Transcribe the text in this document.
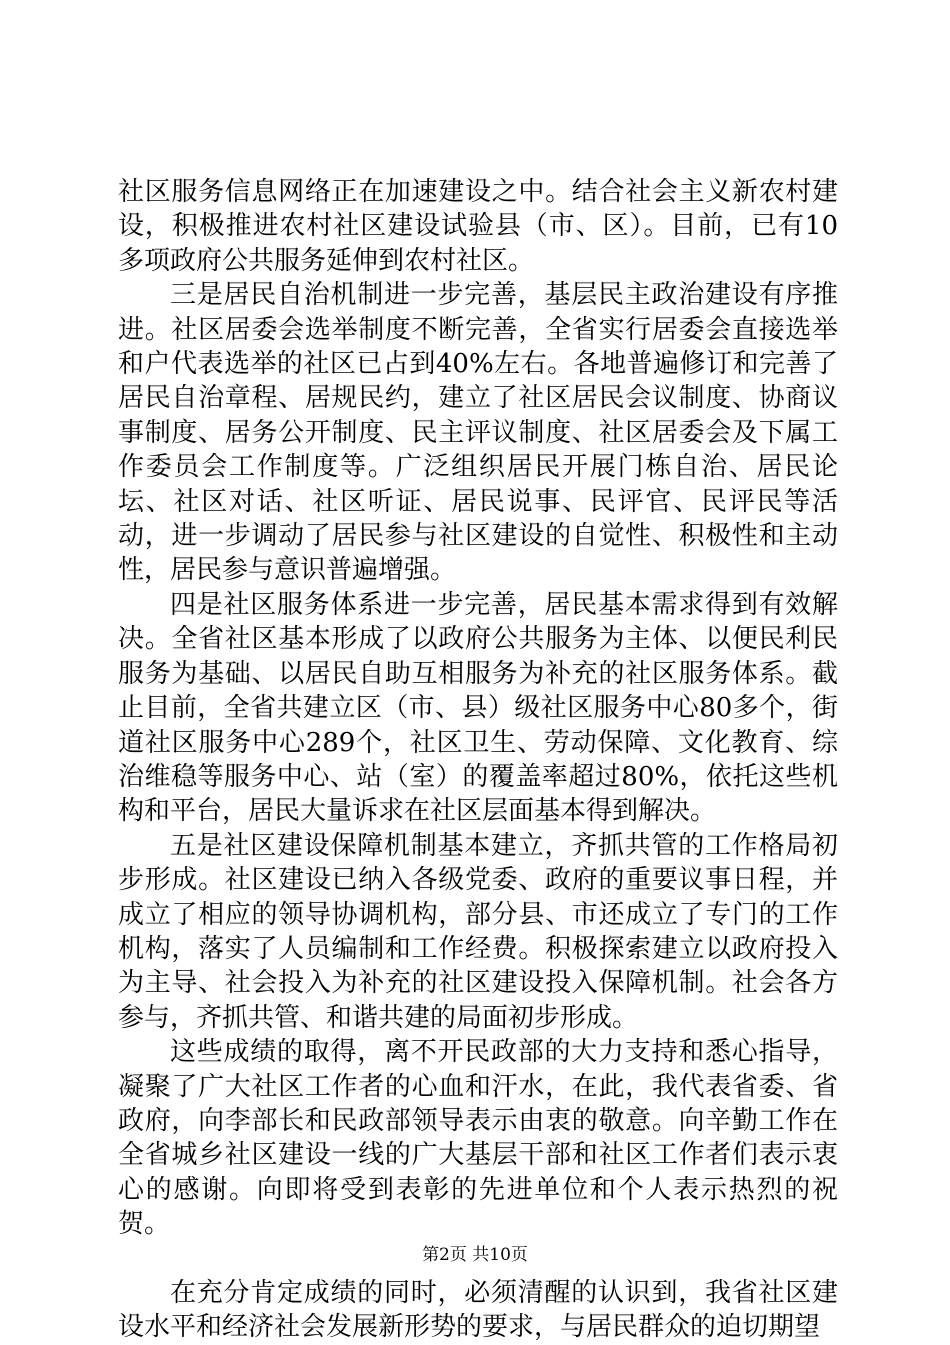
社区服务信息网络正在加速建设之中。结合社会主义新农村建设，积极推进农村社区建设试验县（市、区）。目前，已有10多项政府公共服务延伸到农村社区。

三是居民自治机制进一步完善，基层民主政治建设有序推进。社区居委会选举制度不断完善，全省实行居委会直接选举和户代表选举的社区已占到40%左右。各地普遍修订和完善了居民自治章程、居规民约，建立了社区居民会议制度、协商议事制度、居务公开制度、民主评议制度、社区居委会及下属工作委员会工作制度等。广泛组织居民开展门栋自治、居民论坛、社区对话、社区听证、居民说事、民评官、民评民等活动，进一步调动了居民参与社区建设的自觉性、积极性和主动性，居民参与意识普遍增强。

四是社区服务体系进一步完善，居民基本需求得到有效解决。全省社区基本形成了以政府公共服务为主体、以便民利民服务为基础、以居民自助互相服务为补充的社区服务体系。截止目前，全省共建立区（市、县）级社区服务中心80多个，街道社区服务中心289个，社区卫生、劳动保障、文化教育、综治维稳等服务中心、站（室）的覆盖率超过80%，依托这些机构和平台，居民大量诉求在社区层面基本得到解决。

五是社区建设保障机制基本建立，齐抓共管的工作格局初步形成。社区建设已纳入各级党委、政府的重要议事日程，并成立了相应的领导协调机构，部分县、市还成立了专门的工作机构，落实了人员编制和工作经费。积极探索建立以政府投入为主导、社会投入为补充的社区建设投入保障机制。社会各方参与，齐抓共管、和谐共建的局面初步形成。

这些成绩的取得，离不开民政部的大力支持和悉心指导，凝聚了广大社区工作者的心血和汗水，在此，我代表省委、省政府，向李部长和民政部领导表示由衷的敬意。向辛勤工作在全省城乡社区建设一线的广大基层干部和社区工作者们表示衷心的感谢。向即将受到表彰的先进单位和个人表示热烈的祝贺。

在充分肯定成绩的同时，必须清醒的认识到，我省社区建设水平和经济社会发展新形势的要求，与居民群众的迫切期望

第2页 共10页
